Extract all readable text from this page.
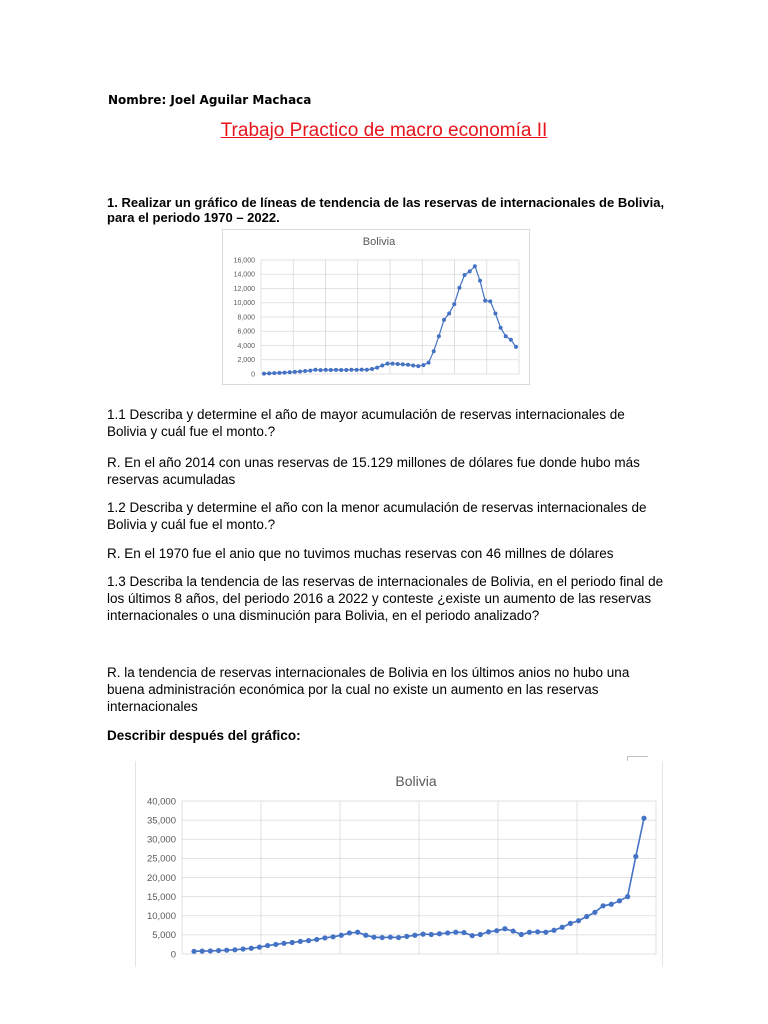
Nombre: Joel Aguilar Machaca
Trabajo Practico de macro economía II
1. Realizar un gráfico de líneas de tendencia de las reservas de internacionales de Bolivia, para el periodo 1970 – 2022.
Bolivia
0
2,000
4,000
6,000
8,000
10,000
12,000
14,000
16,000
1.1 Describa y determine el año de mayor acumulación de reservas internacionales de Bolivia y cuál fue el monto.?
R. En el año 2014 con unas reservas de 15.129 millones de dólares fue donde hubo más reservas acumuladas
1.2 Describa y determine el año con la menor acumulación de reservas internacionales de Bolivia y cuál fue el monto.?
R. En el 1970 fue el anio que no tuvimos muchas reservas con 46 millnes de dólares
1.3 Describa la tendencia de las reservas de internacionales de Bolivia, en el periodo final de los últimos 8 años, del periodo 2016 a 2022 y conteste ¿existe un aumento de las reservas internacionales o una disminución para Bolivia, en el periodo analizado?
R. la tendencia de reservas internacionales de Bolivia en los últimos anios no hubo una buena administración económica por la cual no existe un aumento en las reservas internacionales
Describir después del gráfico:
Bolivia
0
5,000
10,000
15,000
20,000
25,000
30,000
35,000
40,000
